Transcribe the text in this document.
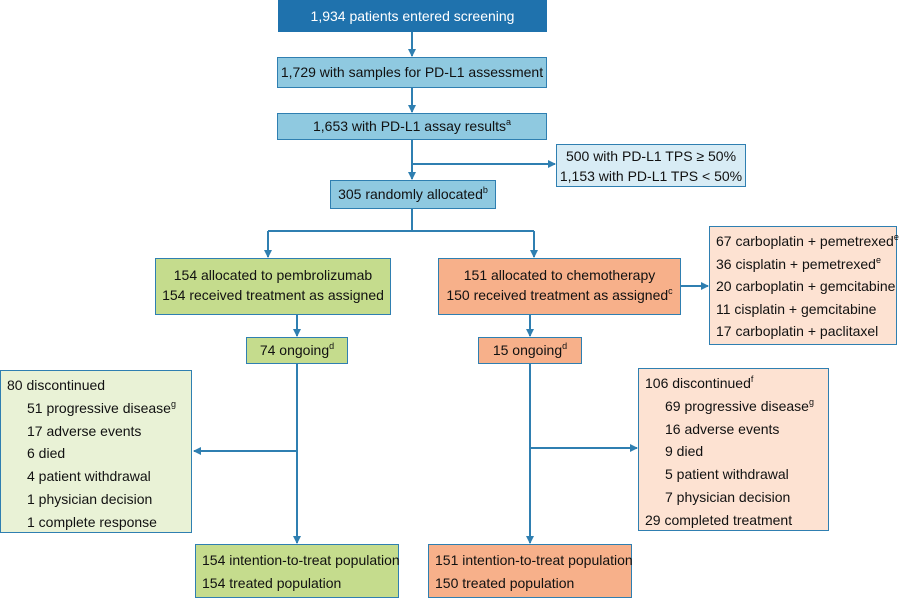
1,934 patients entered screening
1,729 with samples for PD-L1 assessment
1,653 with PD-L1 assay results$^a$
500 with PD-L1 TPS ≥ 50%
1,153 with PD-L1 TPS < 50%
305 randomly allocated$^b$
154 allocated to pembrolizumab
154 received treatment as assigned
151 allocated to chemotherapy
150 received treatment as assigned$^c$
67 carboplatin + pemetrexed$^e$
36 cisplatin + pemetrexed$^e$
20 carboplatin + gemcitabine
11 cisplatin + gemcitabine
17 carboplatin + paclitaxel
74 ongoing$^d$	15 ongoing$^d$
80 discontinued
51 progressive disease$^g$
17 adverse events
6 died
4 patient withdrawal
1 physician decision
1 complete response
106 discontinued$^f$
69 progressive disease$^g$
16 adverse events
9 died
5 patient withdrawal
7 physician decision
29 completed treatment
154 intention-to-treat population
154 treated population
151 intention-to-treat population
150 treated population
